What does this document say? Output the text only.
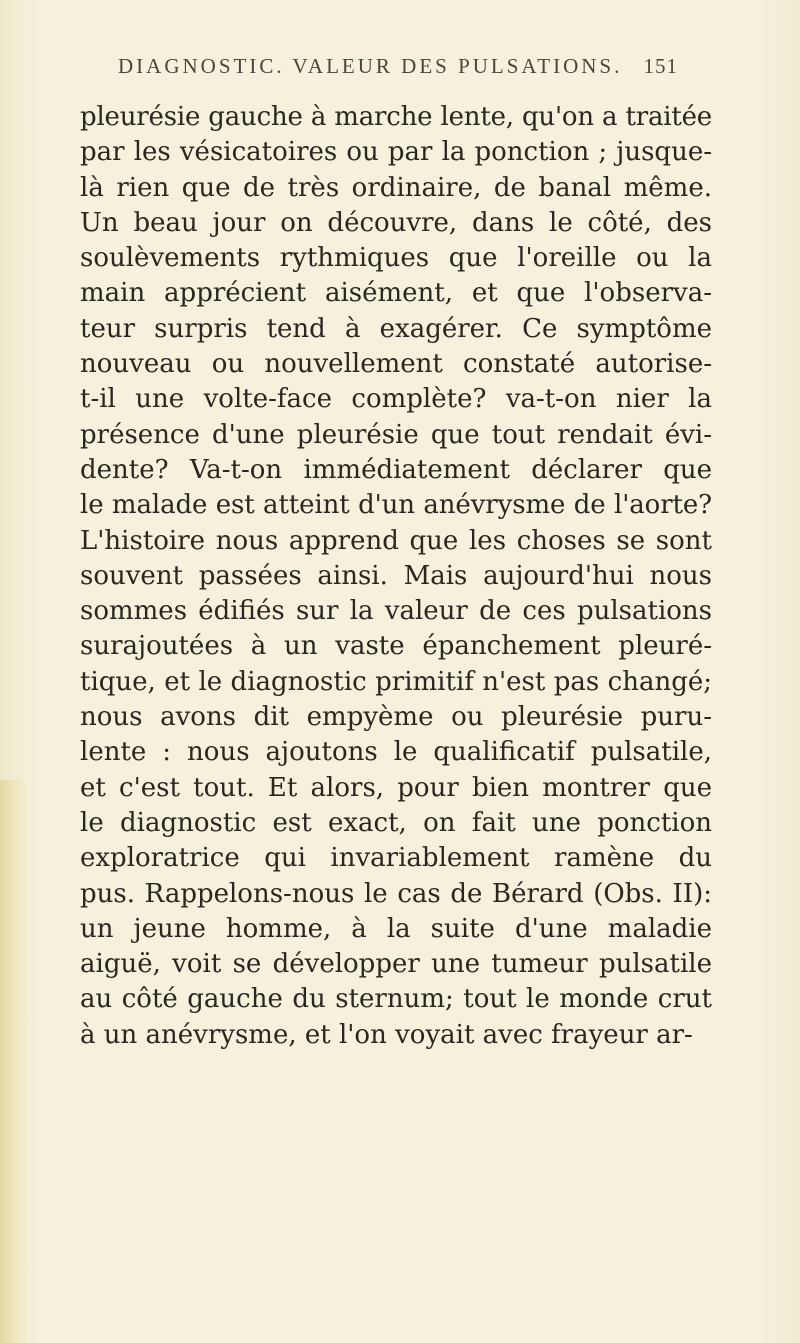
DIAGNOSTIC. VALEUR DES PULSATIONS. 151
pleurésie gauche à marche lente, qu'on a traitée
par les vésicatoires ou par la ponction ; jusque-
là rien que de très ordinaire, de banal même.
Un beau jour on découvre, dans le côté, des
soulèvements rythmiques que l'oreille ou la
main apprécient aisément, et que l'observa-
teur surpris tend à exagérer. Ce symptôme
nouveau ou nouvellement constaté autorise-
t-il une volte-face complète? va-t-on nier la
présence d'une pleurésie que tout rendait évi-
dente? Va-t-on immédiatement déclarer que
le malade est atteint d'un anévrysme de l'aorte?
L'histoire nous apprend que les choses se sont
souvent passées ainsi. Mais aujourd'hui nous
sommes édifiés sur la valeur de ces pulsations
surajoutées à un vaste épanchement pleuré-
tique, et le diagnostic primitif n'est pas changé;
nous avons dit empyème ou pleurésie puru-
lente : nous ajoutons le qualificatif pulsatile,
et c'est tout. Et alors, pour bien montrer que
le diagnostic est exact, on fait une ponction
exploratrice qui invariablement ramène du
pus. Rappelons-nous le cas de Bérard (Obs. II):
un jeune homme, à la suite d'une maladie
aiguë, voit se développer une tumeur pulsatile
au côté gauche du sternum; tout le monde crut
à un anévrysme, et l'on voyait avec frayeur ar-
